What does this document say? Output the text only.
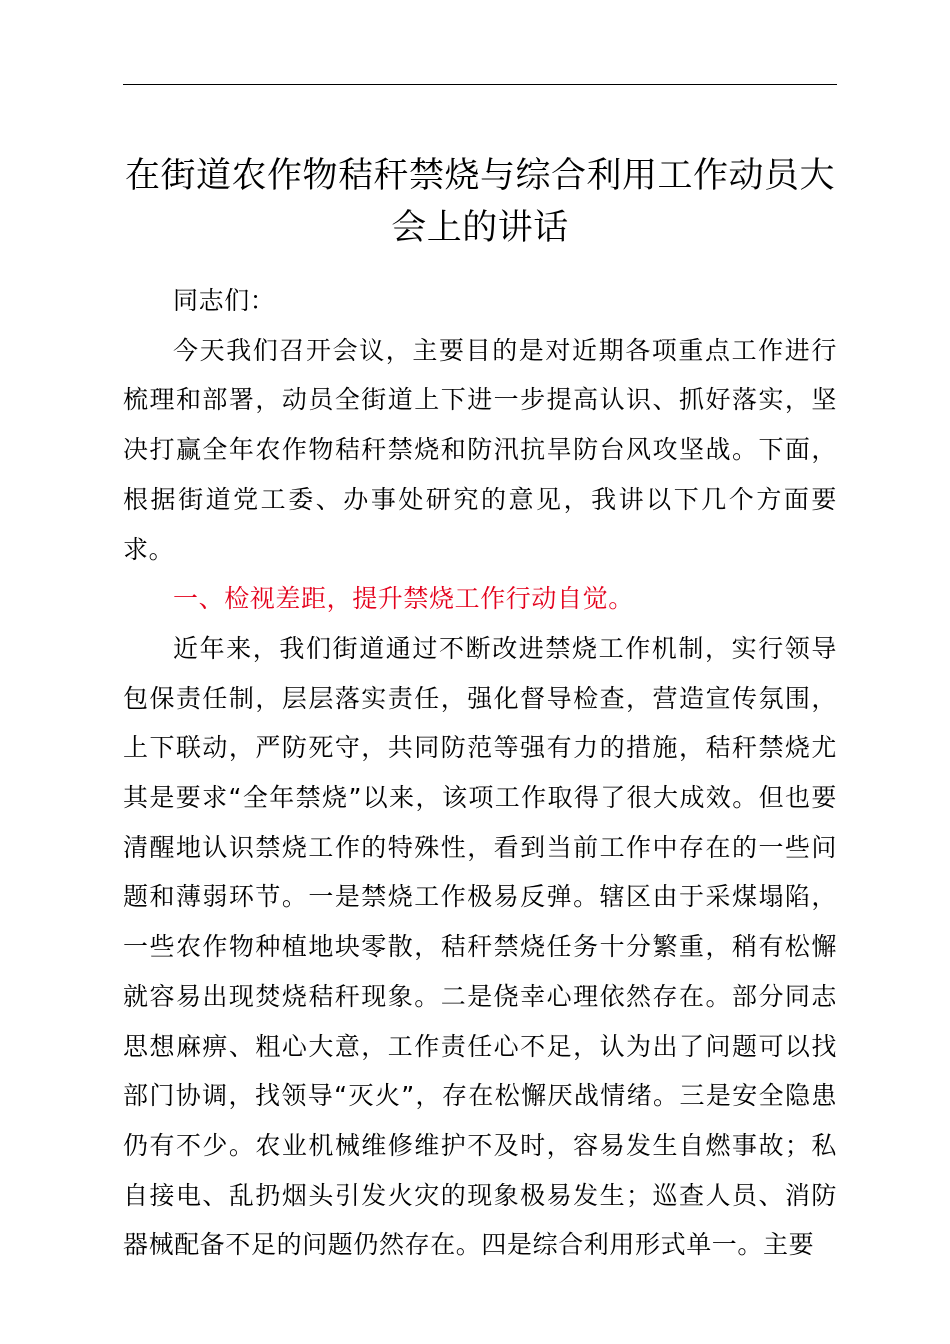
在街道农作物秸秆禁烧与综合利用工作动员大会上的讲话

同志们：

今天我们召开会议，主要目的是对近期各项重点工作进行梳理和部署，动员全街道上下进一步提高认识、抓好落实，坚决打赢全年农作物秸秆禁烧和防汛抗旱防台风攻坚战。下面，根据街道党工委、办事处研究的意见，我讲以下几个方面要求。

一、检视差距，提升禁烧工作行动自觉。

近年来，我们街道通过不断改进禁烧工作机制，实行领导包保责任制，层层落实责任，强化督导检查，营造宣传氛围，上下联动，严防死守，共同防范等强有力的措施，秸秆禁烧尤其是要求“全年禁烧”以来，该项工作取得了很大成效。但也要清醒地认识禁烧工作的特殊性，看到当前工作中存在的一些问题和薄弱环节。一是禁烧工作极易反弹。辖区由于采煤塌陷，一些农作物种植地块零散，秸秆禁烧任务十分繁重，稍有松懈就容易出现焚烧秸秆现象。二是侥幸心理依然存在。部分同志思想麻痹、粗心大意，工作责任心不足，认为出了问题可以找部门协调，找领导“灭火”，存在松懈厌战情绪。三是安全隐患仍有不少。农业机械维修维护不及时，容易发生自燃事故；私自接电、乱扔烟头引发火灾的现象极易发生；巡查人员、消防器械配备不足的问题仍然存在。四是综合利用形式单一。主要
